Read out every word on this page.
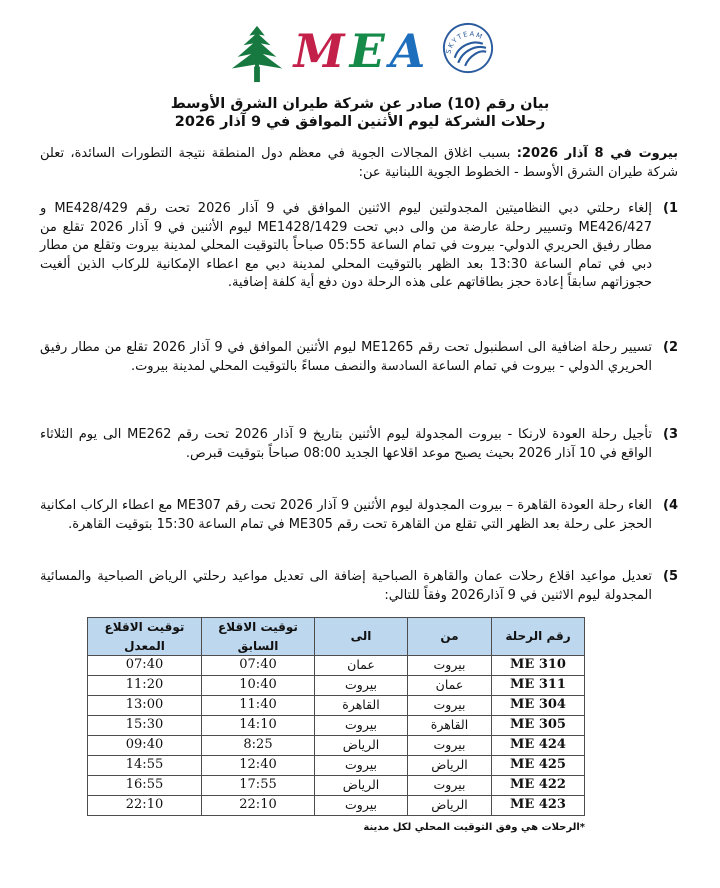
MEA	SKYTEAM
بيان رقم (10) صادر عن شركة طيران الشرق الأوسط
رحلات الشركة ليوم الأثنين الموافق في 9 آذار 2026

بيروت في 8 آذار 2026: بسبب اغلاق المجالات الجوية في معظم دول المنطقة نتيجة التطورات السائدة، تعلن شركة طيران الشرق الأوسط - الخطوط الجوية اللبنانية عن:

1)
إلغاء رحلتي دبي النظاميتين المجدولتين ليوم الاثنين الموافق في 9 آذار 2026 تحت رقم ME428/429 و ME426/427 وتسيير رحلة عارضة من والى دبي تحت ME1428/1429 ليوم الأثنين في 9 آذار 2026 تقلع من مطار رفيق الحريري الدولي- بيروت في تمام الساعة 05:55 صباحاً بالتوقيت المحلي لمدينة بيروت وتقلع من مطار دبي في تمام الساعة 13:30 بعد الظهر بالتوقيت المحلي لمدينة دبي مع اعطاء الإمكانية للركاب الذين ألغيت حجوزاتهم سابقاً إعادة حجز بطاقاتهم على هذه الرحلة دون دفع أية كلفة إضافية.
2)
تسيير رحلة اضافية الى اسطنبول تحت رقم ME1265 ليوم الأثنين الموافق في 9 آذار 2026 تقلع من مطار رفيق الحريري الدولي - بيروت في تمام الساعة السادسة والنصف مساءً بالتوقيت المحلي لمدينة بيروت.
3)
تأجيل رحلة العودة لارنكا - بيروت المجدولة ليوم الأثنين بتاريخ 9 آذار 2026 تحت رقم ME262 الى يوم الثلاثاء الواقع في 10 آذار 2026 بحيث يصبح موعد اقلاعها الجديد 08:00 صباحاً بتوقيت قبرص.
4)
الغاء رحلة العودة القاهرة – بيروت المجدولة ليوم الأثنين 9 آذار 2026 تحت رقم ME307 مع اعطاء الركاب امكانية الحجز على رحلة بعد الظهر التي تقلع من القاهرة تحت رقم ME305 في تمام الساعة 15:30 بتوقيت القاهرة.
5)
تعديل مواعيد اقلاع رحلات عمان والقاهرة الصباحية إضافة الى تعديل مواعيد رحلتي الرياض الصباحية والمسائية المجدولة ليوم الاثنين في 9 آذار2026 وفقاً للتالي:
رقم الرحلة	من	الى	توقيت الاقلاع السابق	توقيت الاقلاع المعدل
ME 310	بيروت	عمان	07:40	07:40
ME 311	عمان	بيروت	10:40	11:20
ME 304	بيروت	القاهرة	11:40	13:00
ME 305	القاهرة	بيروت	14:10	15:30
ME 424	بيروت	الرياض	8:25	09:40
ME 425	الرياض	بيروت	12:40	14:55
ME 422	بيروت	الرياض	17:55	16:55
ME 423	الرياض	بيروت	22:10	22:10
*الرحلات هي وفق التوقيت المحلي لكل مدينة
